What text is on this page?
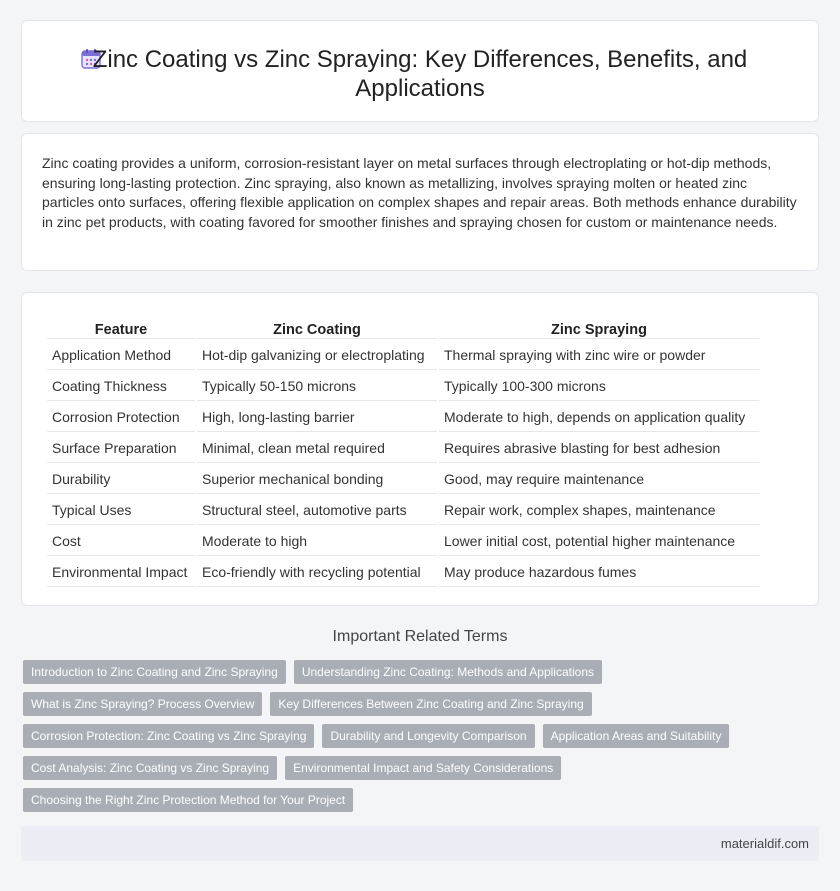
Zinc Coating vs Zinc Spraying: Key Differences, Benefits, and Applications

Zinc coating provides a uniform, corrosion-resistant layer on metal surfaces through electroplating or hot-dip methods, ensuring long-lasting protection. Zinc spraying, also known as metallizing, involves spraying molten or heated zinc particles onto surfaces, offering flexible application on complex shapes and repair areas. Both methods enhance durability in zinc pet products, with coating favored for smoother finishes and spraying chosen for custom or maintenance needs.

Feature	Zinc Coating	Zinc Spraying
Application Method	Hot-dip galvanizing or electroplating	Thermal spraying with zinc wire or powder
Coating Thickness	Typically 50-150 microns	Typically 100-300 microns
Corrosion Protection	High, long-lasting barrier	Moderate to high, depends on application quality
Surface Preparation	Minimal, clean metal required	Requires abrasive blasting for best adhesion
Durability	Superior mechanical bonding	Good, may require maintenance
Typical Uses	Structural steel, automotive parts	Repair work, complex shapes, maintenance
Cost	Moderate to high	Lower initial cost, potential higher maintenance
Environmental Impact	Eco-friendly with recycling potential	May produce hazardous fumes
Important Related Terms
Introduction to Zinc Coating and Zinc Spraying	Understanding Zinc Coating: Methods and Applications
What is Zinc Spraying? Process Overview	Key Differences Between Zinc Coating and Zinc Spraying
Corrosion Protection: Zinc Coating vs Zinc Spraying	Durability and Longevity Comparison	Application Areas and Suitability
Cost Analysis: Zinc Coating vs Zinc Spraying	Environmental Impact and Safety Considerations
Choosing the Right Zinc Protection Method for Your Project
materialdif.com
